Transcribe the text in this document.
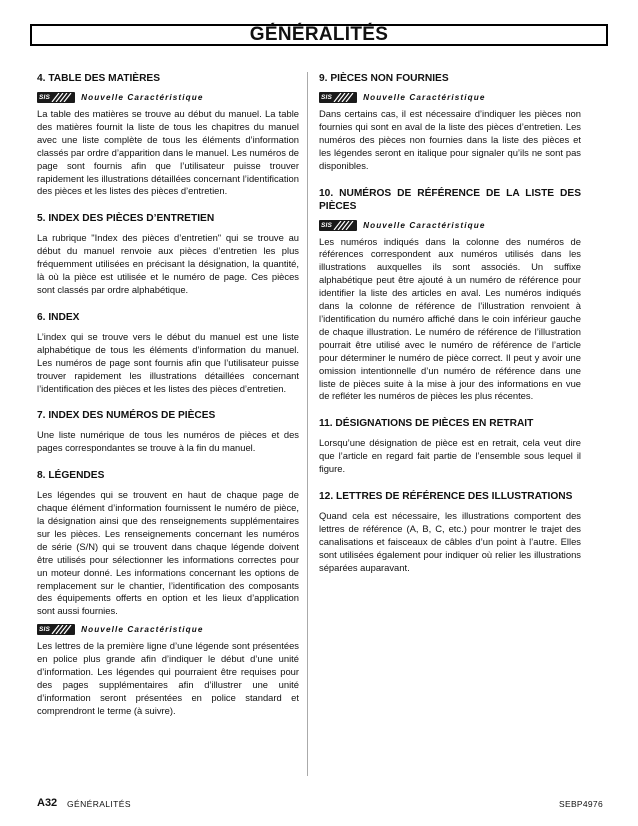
GÉNÉRALITÉS
4. TABLE DES MATIÈRES
SIS	Nouvelle Caractéristique

La table des matières se trouve au début du manuel. La table des matières fournit la liste de tous les chapitres du manuel avec une liste complète de tous les éléments d’information classés par ordre d’apparition dans le manuel. Les numéros de page sont fournis afin que l’utilisateur puisse trouver rapidement les illustrations détaillées concernant l’identification des pièces et les listes des pièces d’entretien.

5. INDEX DES PIÈCES D’ENTRETIEN

La rubrique "Index des pièces d’entretien" qui se trouve au début du manuel renvoie aux pièces d’entretien les plus fréquemment utilisées en précisant la désignation, la quantité, là où la pièce est utilisée et le numéro de page. Ces pièces sont classés par ordre alphabétique.

6. INDEX

L’index qui se trouve vers le début du manuel est une liste alphabétique de tous les éléments d’information du manuel. Les numéros de page sont fournis afin que l’utilisateur puisse trouver rapidement les illustrations détaillées concernant l’identification des pièces et les listes des pièces d’entretien.

7. INDEX DES NUMÉROS DE PIÈCES

Une liste numérique de tous les numéros de pièces et des pages correspondantes se trouve à la fin du manuel.

8. LÉGENDES

Les légendes qui se trouvent en haut de chaque page de chaque élément d’information fournissent le numéro de pièce, la désignation ainsi que des renseignements supplémentaires sur les pièces. Les renseignements concernant les numéros de série (S/N) qui se trouvent dans chaque légende doivent être utilisés pour sélectionner les informations correctes pour un moteur donné. Les informations concernant les options de remplacement sur le chantier, l’identification des composants des équipements offerts en option et les lieux d’application sont aussi fournies.

SIS	Nouvelle Caractéristique

Les lettres de la première ligne d’une légende sont présentées en police plus grande afin d’indiquer le début d’une unité d’information. Les légendes qui pourraient être requises pour des pages supplémentaires afin d’illustrer une unité d’information seront présentées en police standard et comprendront le terme (à suivre).

9. PIÈCES NON FOURNIES
SIS	Nouvelle Caractéristique

Dans certains cas, il est nécessaire d’indiquer les pièces non fournies qui sont en aval de la liste des pièces d’entretien. Les numéros des pièces non fournies dans la liste des pièces et les légendes seront en italique pour signaler qu’ils ne sont pas disponibles.

10. NUMÉROS DE RÉFÉRENCE DE LA LISTE DES PIÈCES
SIS	Nouvelle Caractéristique

Les numéros indiqués dans la colonne des numéros de références correspondent aux numéros utilisés dans les illustrations auxquelles ils sont associés. Un suffixe alphabétique peut être ajouté à un numéro de référence pour identifier la liste des articles en aval. Les numéros indiqués dans la colonne de référence de l’illustration renvoient à l’identification du numéro affiché dans le coin inférieur gauche de chaque illustration. Le numéro de référence de l’illustration pourrait être utilisé avec le numéro de référence de l’article pour déterminer le numéro de pièce correct. Il peut y avoir une omission intentionnelle d’un numéro de référence dans une liste de pièces suite à la mise à jour des informations en vue de refléter les numéros de pièces les plus récentes.

11. DÉSIGNATIONS DE PIÈCES EN RETRAIT

Lorsqu’une désignation de pièce est en retrait, cela veut dire que l’article en regard fait partie de l’ensemble sous lequel il figure.

12. LETTRES DE RÉFÉRENCE DES ILLUSTRATIONS

Quand cela est nécessaire, les illustrations comportent des lettres de référence (A, B, C, etc.) pour montrer le trajet des canalisations et faisceaux de câbles d’un point à l’autre. Elles sont utilisées également pour indiquer où relier les illustrations séparées auparavant.

A32 GÉNÉRALITÉS	SEBP4976
